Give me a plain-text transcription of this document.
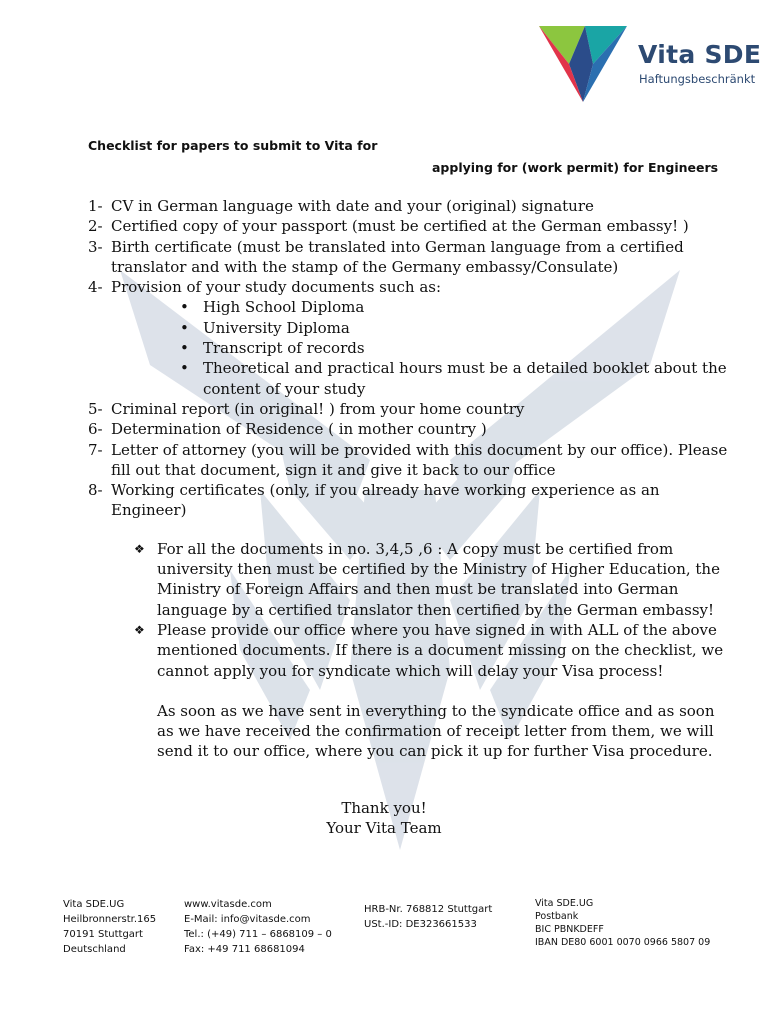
Vita SDE
Haftungsbeschränkt
Checklist for papers to submit to Vita for
applying for (work permit) for Engineers
1- CV in German language with date and your (original) signature
2- Certified copy of your passport (must be certified at the German embassy! )
3- Birth certificate (must be translated into German language from a certified translator and with the stamp of the Germany embassy/Consulate)
4- Provision of your study documents such as:
• High School Diploma
• University Diploma
• Transcript of records
• Theoretical and practical hours must be a detailed booklet about the content of your study
5- Criminal report (in original! ) from your home country
6- Determination of Residence ( in mother country )
7- Letter of attorney (you will be provided with this document by our office). Please fill out that document, sign it and give it back to our office
8- Working certificates (only, if you already have working experience as an Engineer)
❖ For all the documents in no. 3,4,5 ,6 : A copy must be certified from university then must be certified by the Ministry of Higher Education, the Ministry of Foreign Affairs and then must be translated into German language by a certified translator then certified by the German embassy!
❖ Please provide our office where you have signed in with ALL of the above mentioned documents. If there is a document missing on the checklist, we cannot apply you for syndicate which will delay your Visa process!
As soon as we have sent in everything to the syndicate office and as soon as we have received the confirmation of receipt letter from them, we will send it to our office, where you can pick it up for further Visa procedure.
Thank you!
Your Vita Team
Vita SDE.UG
Heilbronnerstr.165
70191 Stuttgart
Deutschland
www.vitasde.com
E-Mail: info@vitasde.com
Tel.: (+49) 711 – 6868109 – 0
Fax: +49 711 68681094
HRB-Nr. 768812 Stuttgart
USt.-ID: DE323661533
Vita SDE.UG
Postbank
BIC PBNKDEFF
IBAN DE80 6001 0070 0966 5807 09
